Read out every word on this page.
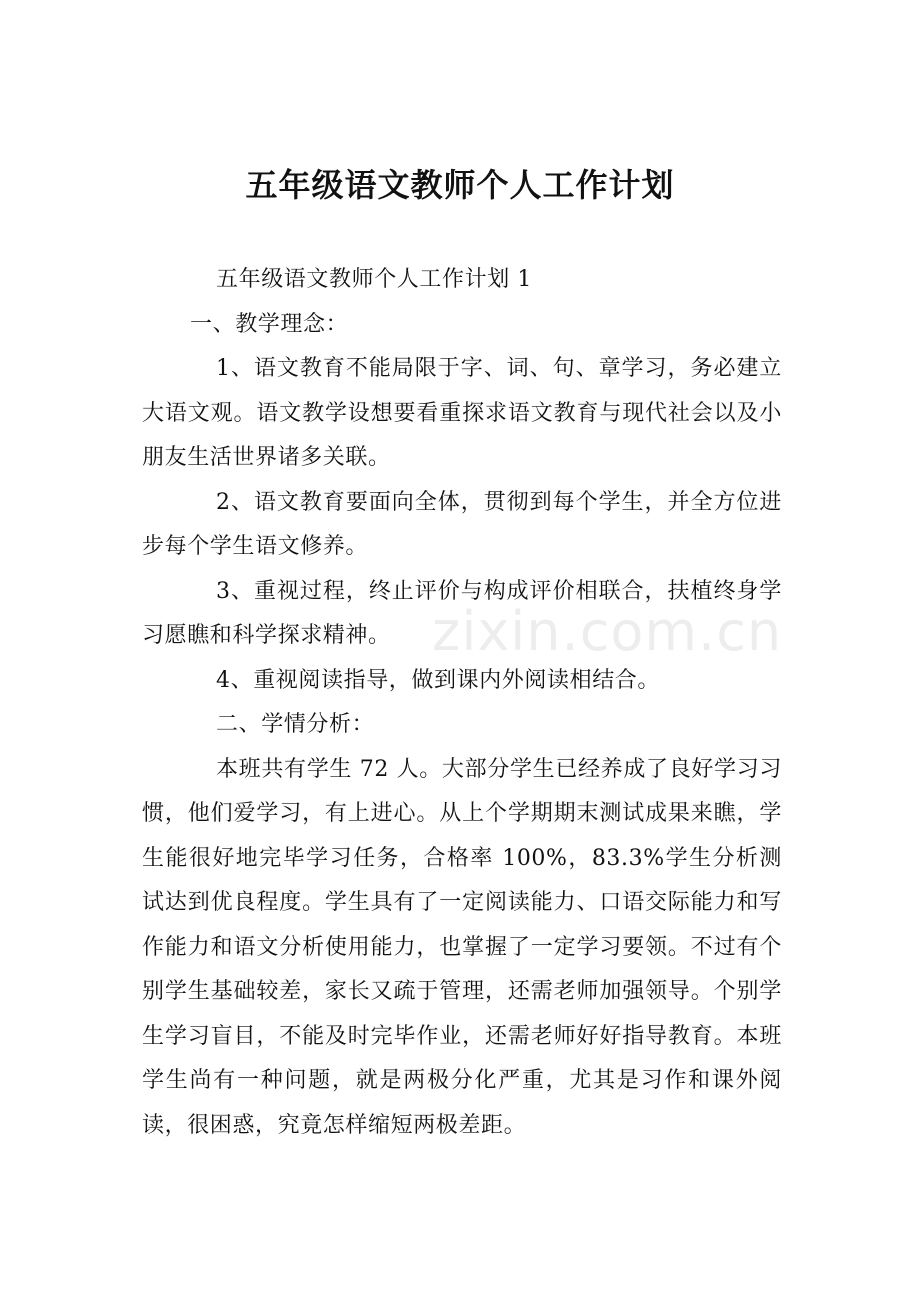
五年级语文教师个人工作计划

五年级语文教师个人工作计划 1

一、教学理念：

1、语文教育不能局限于字、词、句、章学习，务必建立大语文观。语文教学设想要看重探求语文教育与现代社会以及小朋友生活世界诸多关联。

2、语文教育要面向全体，贯彻到每个学生，并全方位进步每个学生语文修养。

3、重视过程，终止评价与构成评价相联合，扶植终身学习愿瞧和科学探求精神。

4、重视阅读指导，做到课内外阅读相结合。

二、学情分析：

本班共有学生 72 人。大部分学生已经养成了良好学习习惯，他们爱学习，有上进心。从上个学期期末测试成果来瞧，学生能很好地完毕学习任务，合格率 100%，83.3%学生分析测试达到优良程度。学生具有了一定阅读能力、口语交际能力和写作能力和语文分析使用能力，也掌握了一定学习要领。不过有个别学生基础较差，家长又疏于管理，还需老师加强领导。个别学生学习盲目，不能及时完毕作业，还需老师好好指导教育。本班学生尚有一种问题，就是两极分化严重，尤其是习作和课外阅读，很困惑，究竟怎样缩短两极差距。

zixin.com.cn
